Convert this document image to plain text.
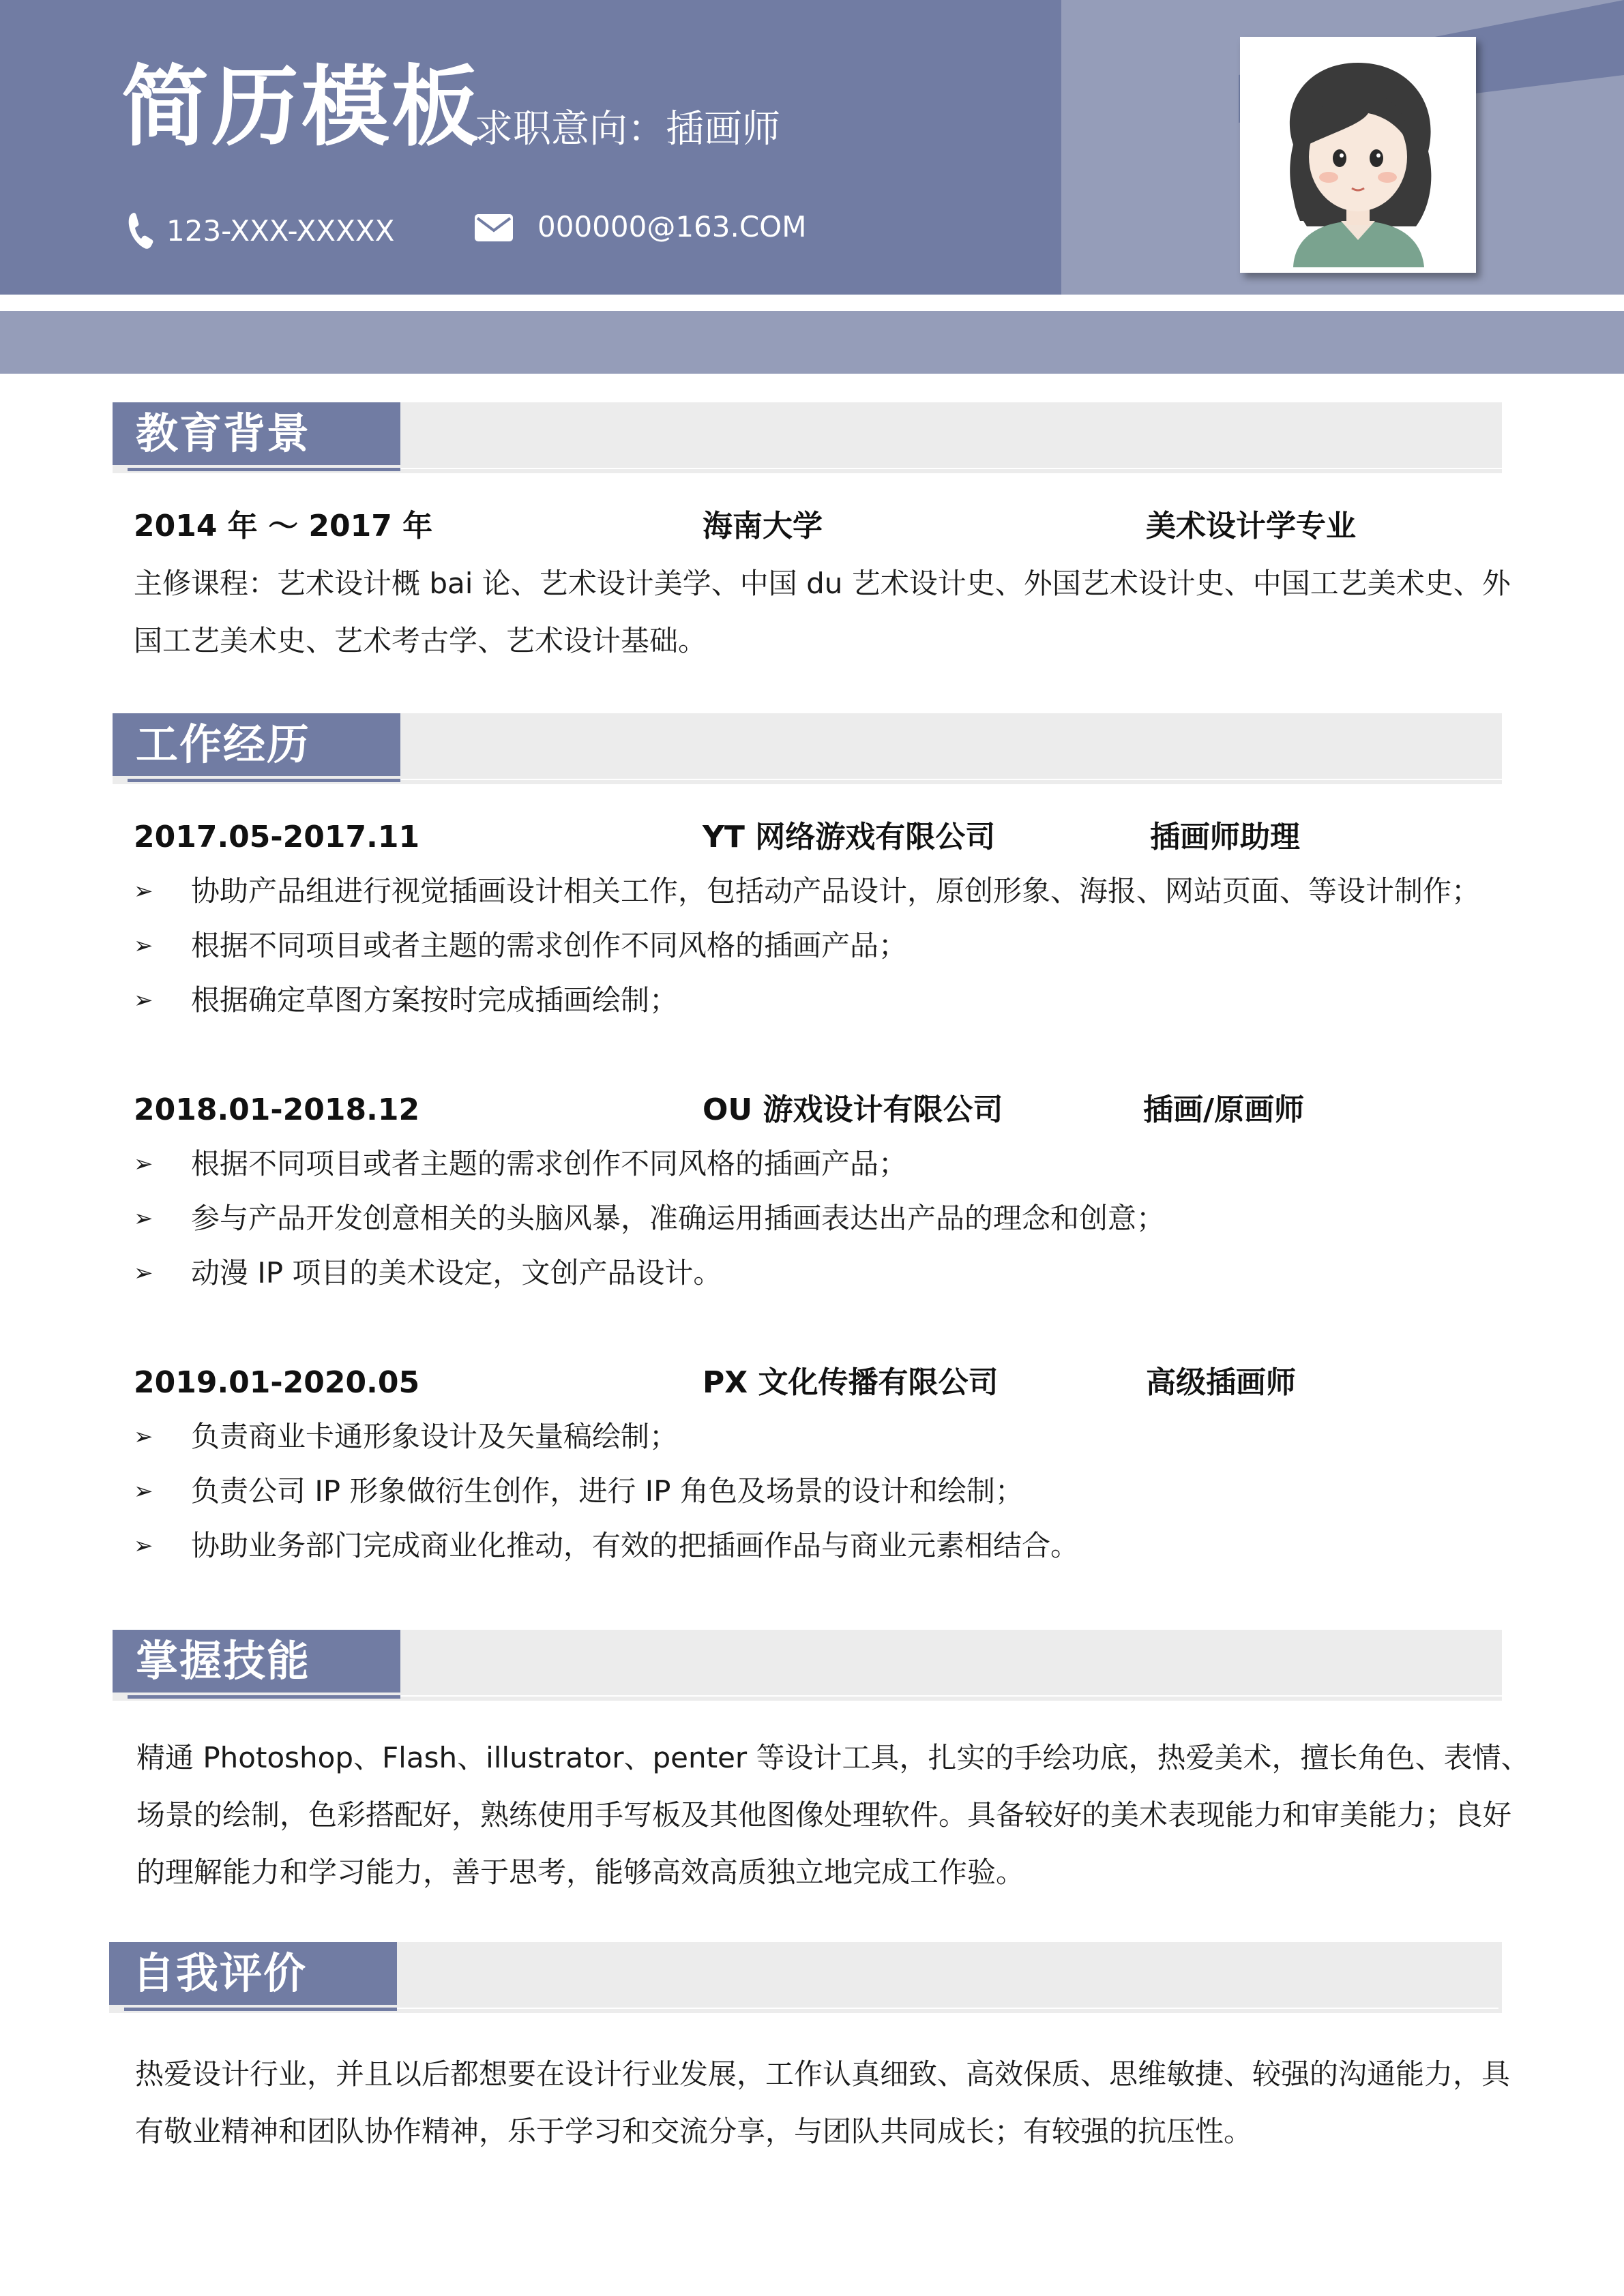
简历模板
求职意向：插画师
123-XXX-XXXXX	000000@163.COM
教育背景
2014 年 ～ 2017 年	海南大学	美术设计学专业
主修课程：艺术设计概 bai 论、艺术设计美学、中国 du 艺术设计史、外国艺术设计史、中国工艺美术史、外
国工艺美术史、艺术考古学、艺术设计基础。
工作经历
2017.05-2017.11	YT 网络游戏有限公司	插画师助理
➢ 协助产品组进行视觉插画设计相关工作，包括动产品设计，原创形象、海报、网站页面、等设计制作；
➢ 根据不同项目或者主题的需求创作不同风格的插画产品；
➢ 根据确定草图方案按时完成插画绘制；
2018.01-2018.12	OU 游戏设计有限公司	插画/原画师
➢ 根据不同项目或者主题的需求创作不同风格的插画产品；
➢ 参与产品开发创意相关的头脑风暴，准确运用插画表达出产品的理念和创意；
➢ 动漫 IP 项目的美术设定，文创产品设计。
2019.01-2020.05	PX 文化传播有限公司	高级插画师
➢ 负责商业卡通形象设计及矢量稿绘制；
➢ 负责公司 IP 形象做衍生创作，进行 IP 角色及场景的设计和绘制；
➢ 协助业务部门完成商业化推动，有效的把插画作品与商业元素相结合。
掌握技能
精通 Photoshop、Flash、illustrator、penter 等设计工具，扎实的手绘功底，热爱美术，擅长角色、表情、
场景的绘制，色彩搭配好，熟练使用手写板及其他图像处理软件。具备较好的美术表现能力和审美能力；良好
的理解能力和学习能力，善于思考，能够高效高质独立地完成工作验。
自我评价
热爱设计行业，并且以后都想要在设计行业发展，工作认真细致、高效保质、思维敏捷、较强的沟通能力，具
有敬业精神和团队协作精神，乐于学习和交流分享，与团队共同成长；有较强的抗压性。
